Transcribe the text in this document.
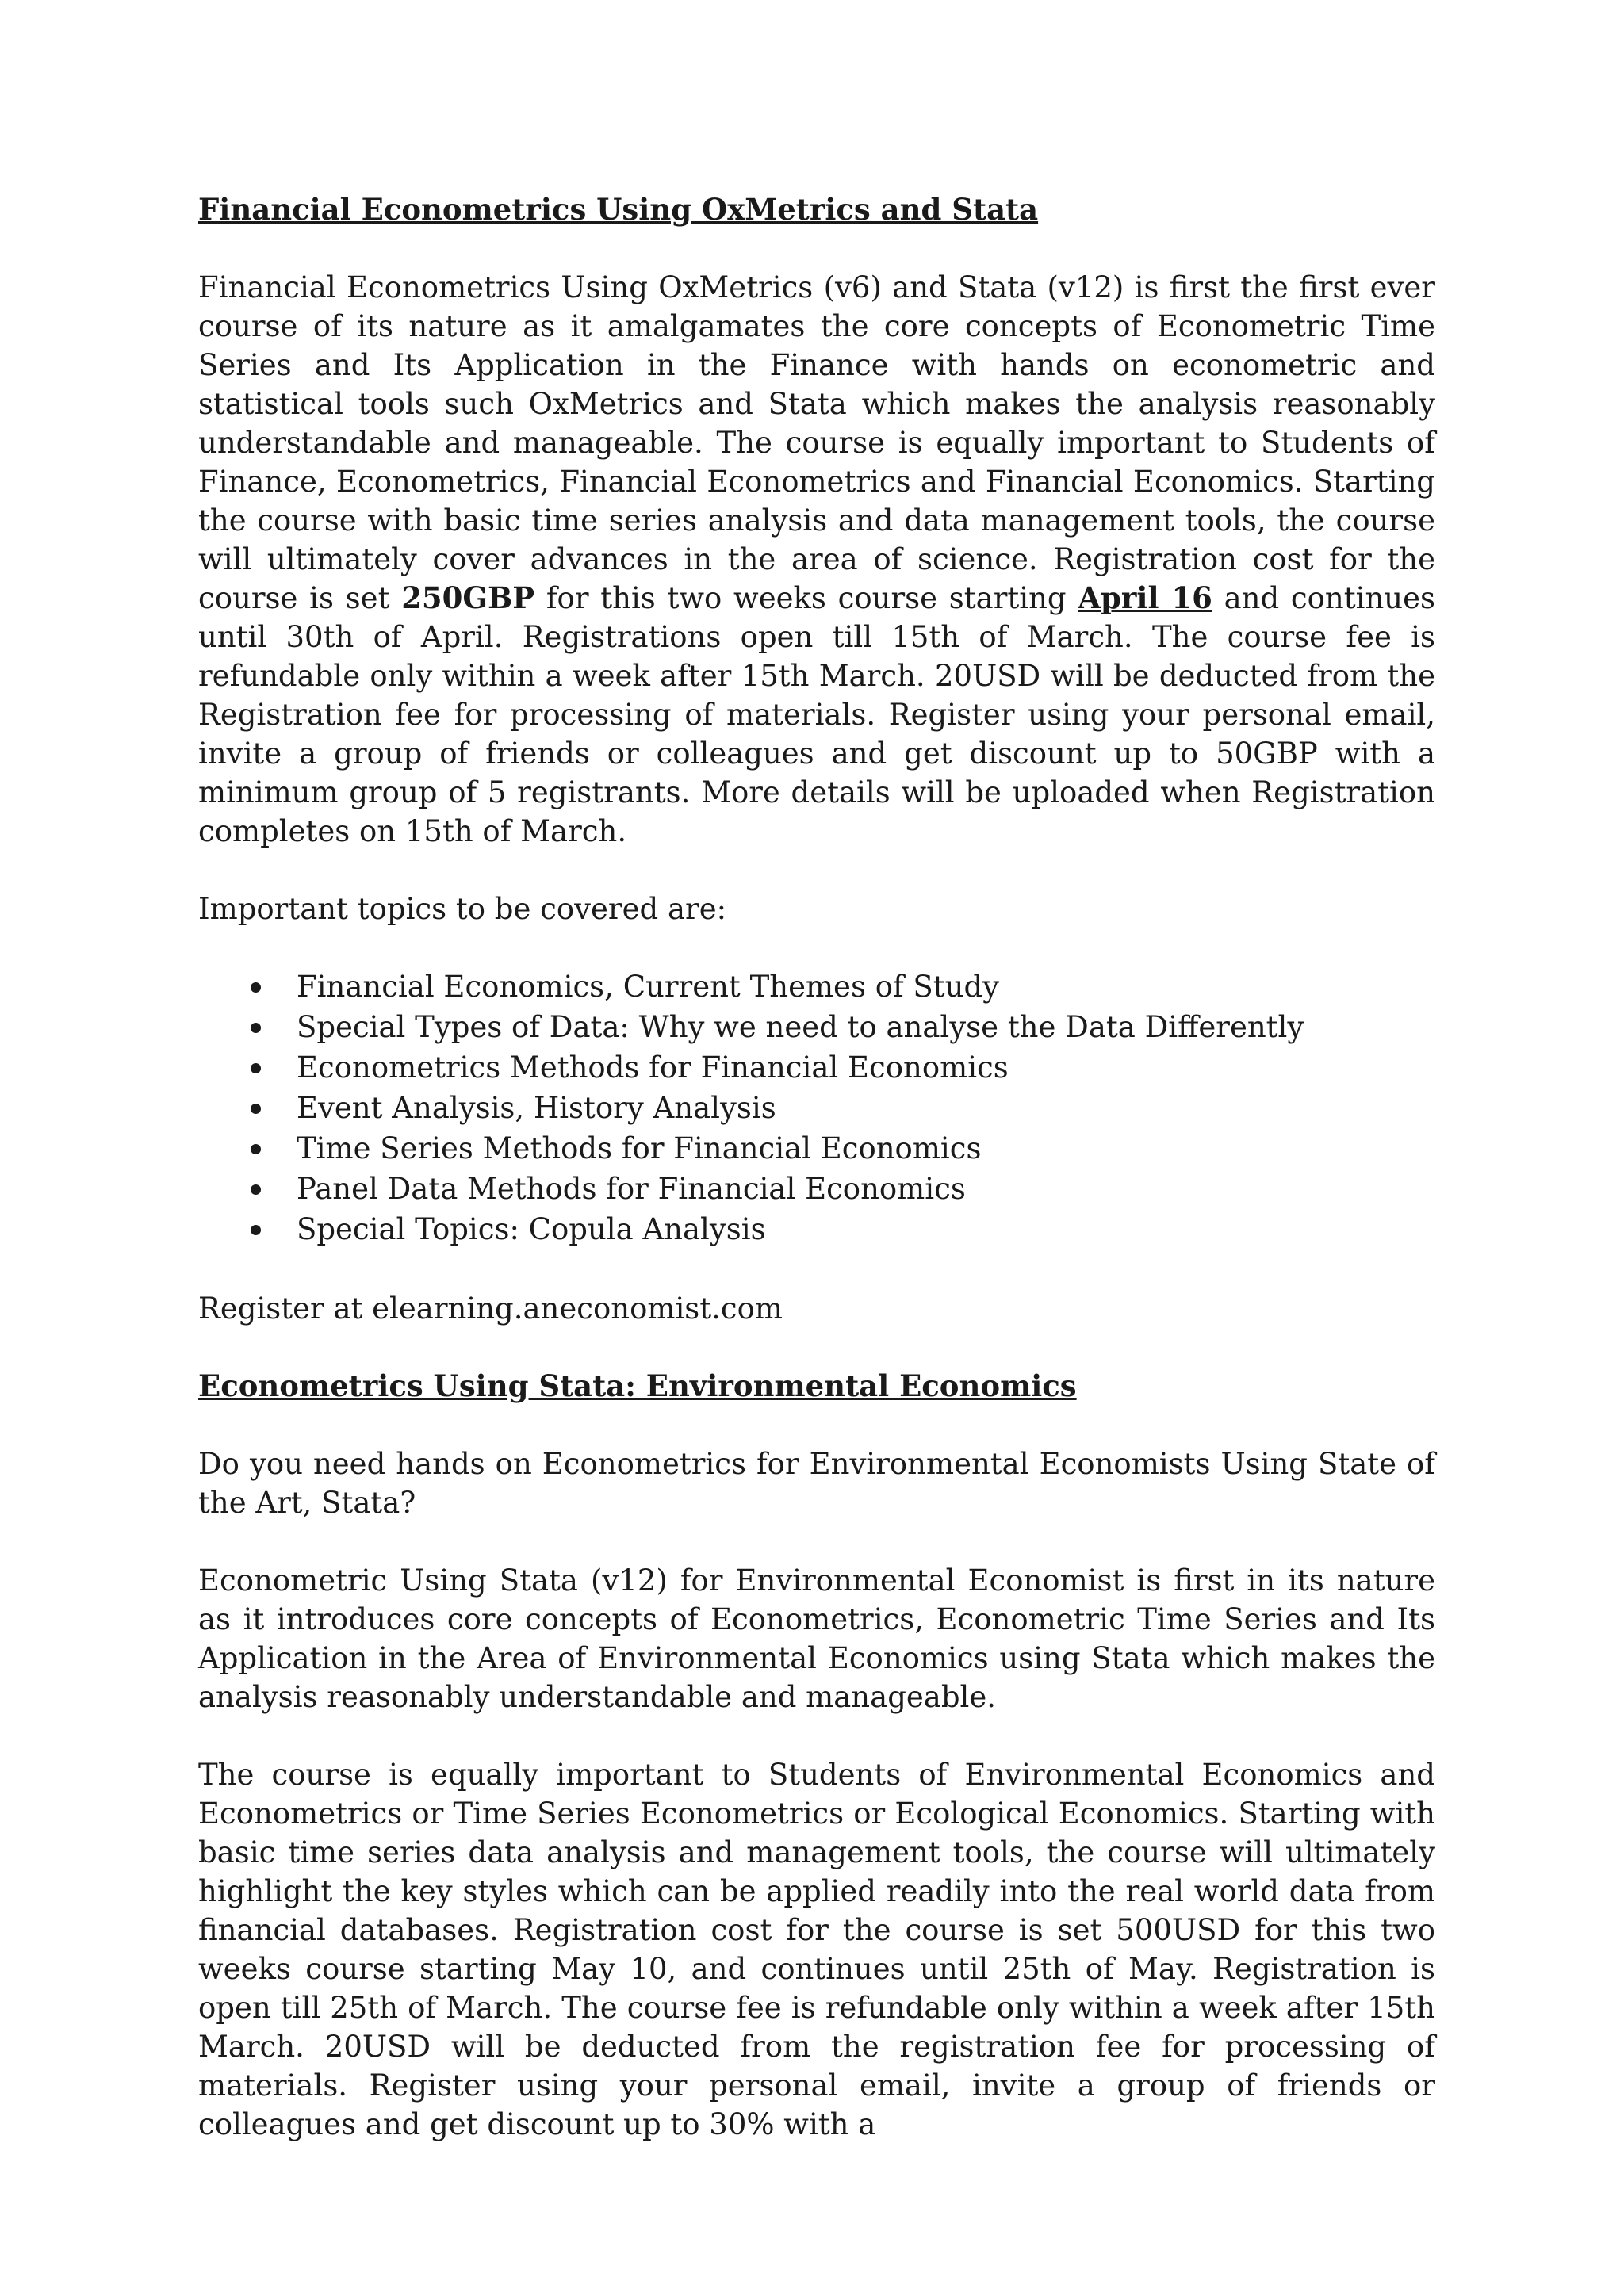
Financial Econometrics Using OxMetrics and Stata

Financial Econometrics Using OxMetrics (v6) and Stata (v12) is first the first ever course of its nature as it amalgamates the core concepts of Econometric Time Series and Its Application in the Finance with hands on econometric and statistical tools such OxMetrics and Stata which makes the analysis reasonably understandable and manageable. The course is equally important to Students of Finance, Econometrics, Financial Econometrics and Financial Economics. Starting the course with basic time series analysis and data management tools, the course will ultimately cover advances in the area of science. Registration cost for the course is set 250GBP for this two weeks course starting April 16 and continues until 30th of April. Registrations open till 15th of March. The course fee is refundable only within a week after 15th March. 20USD will be deducted from the Registration fee for processing of materials. Register using your personal email, invite a group of friends or colleagues and get discount up to 50GBP with a minimum group of 5 registrants. More details will be uploaded when Registration completes on 15th of March.

Important topics to be covered are:

Financial Economics, Current Themes of Study
Special Types of Data: Why we need to analyse the Data Differently
Econometrics Methods for Financial Economics
Event Analysis, History Analysis
Time Series Methods for Financial Economics
Panel Data Methods for Financial Economics
Special Topics: Copula Analysis

Register at elearning.aneconomist.com

Econometrics Using Stata: Environmental Economics

Do you need hands on Econometrics for Environmental Economists Using State of the Art, Stata?

Econometric Using Stata (v12) for Environmental Economist is first in its nature as it introduces core concepts of Econometrics, Econometric Time Series and Its Application in the Area of Environmental Economics using Stata which makes the analysis reasonably understandable and manageable.

The course is equally important to Students of Environmental Economics and Econometrics or Time Series Econometrics or Ecological Economics. Starting with basic time series data analysis and management tools, the course will ultimately highlight the key styles which can be applied readily into the real world data from financial databases. Registration cost for the course is set 500USD for this two weeks course starting May 10, and continues until 25th of May. Registration is open till 25th of March. The course fee is refundable only within a week after 15th March. 20USD will be deducted from the registration fee for processing of materials. Register using your personal email, invite a group of friends or colleagues and get discount up to 30% with a
